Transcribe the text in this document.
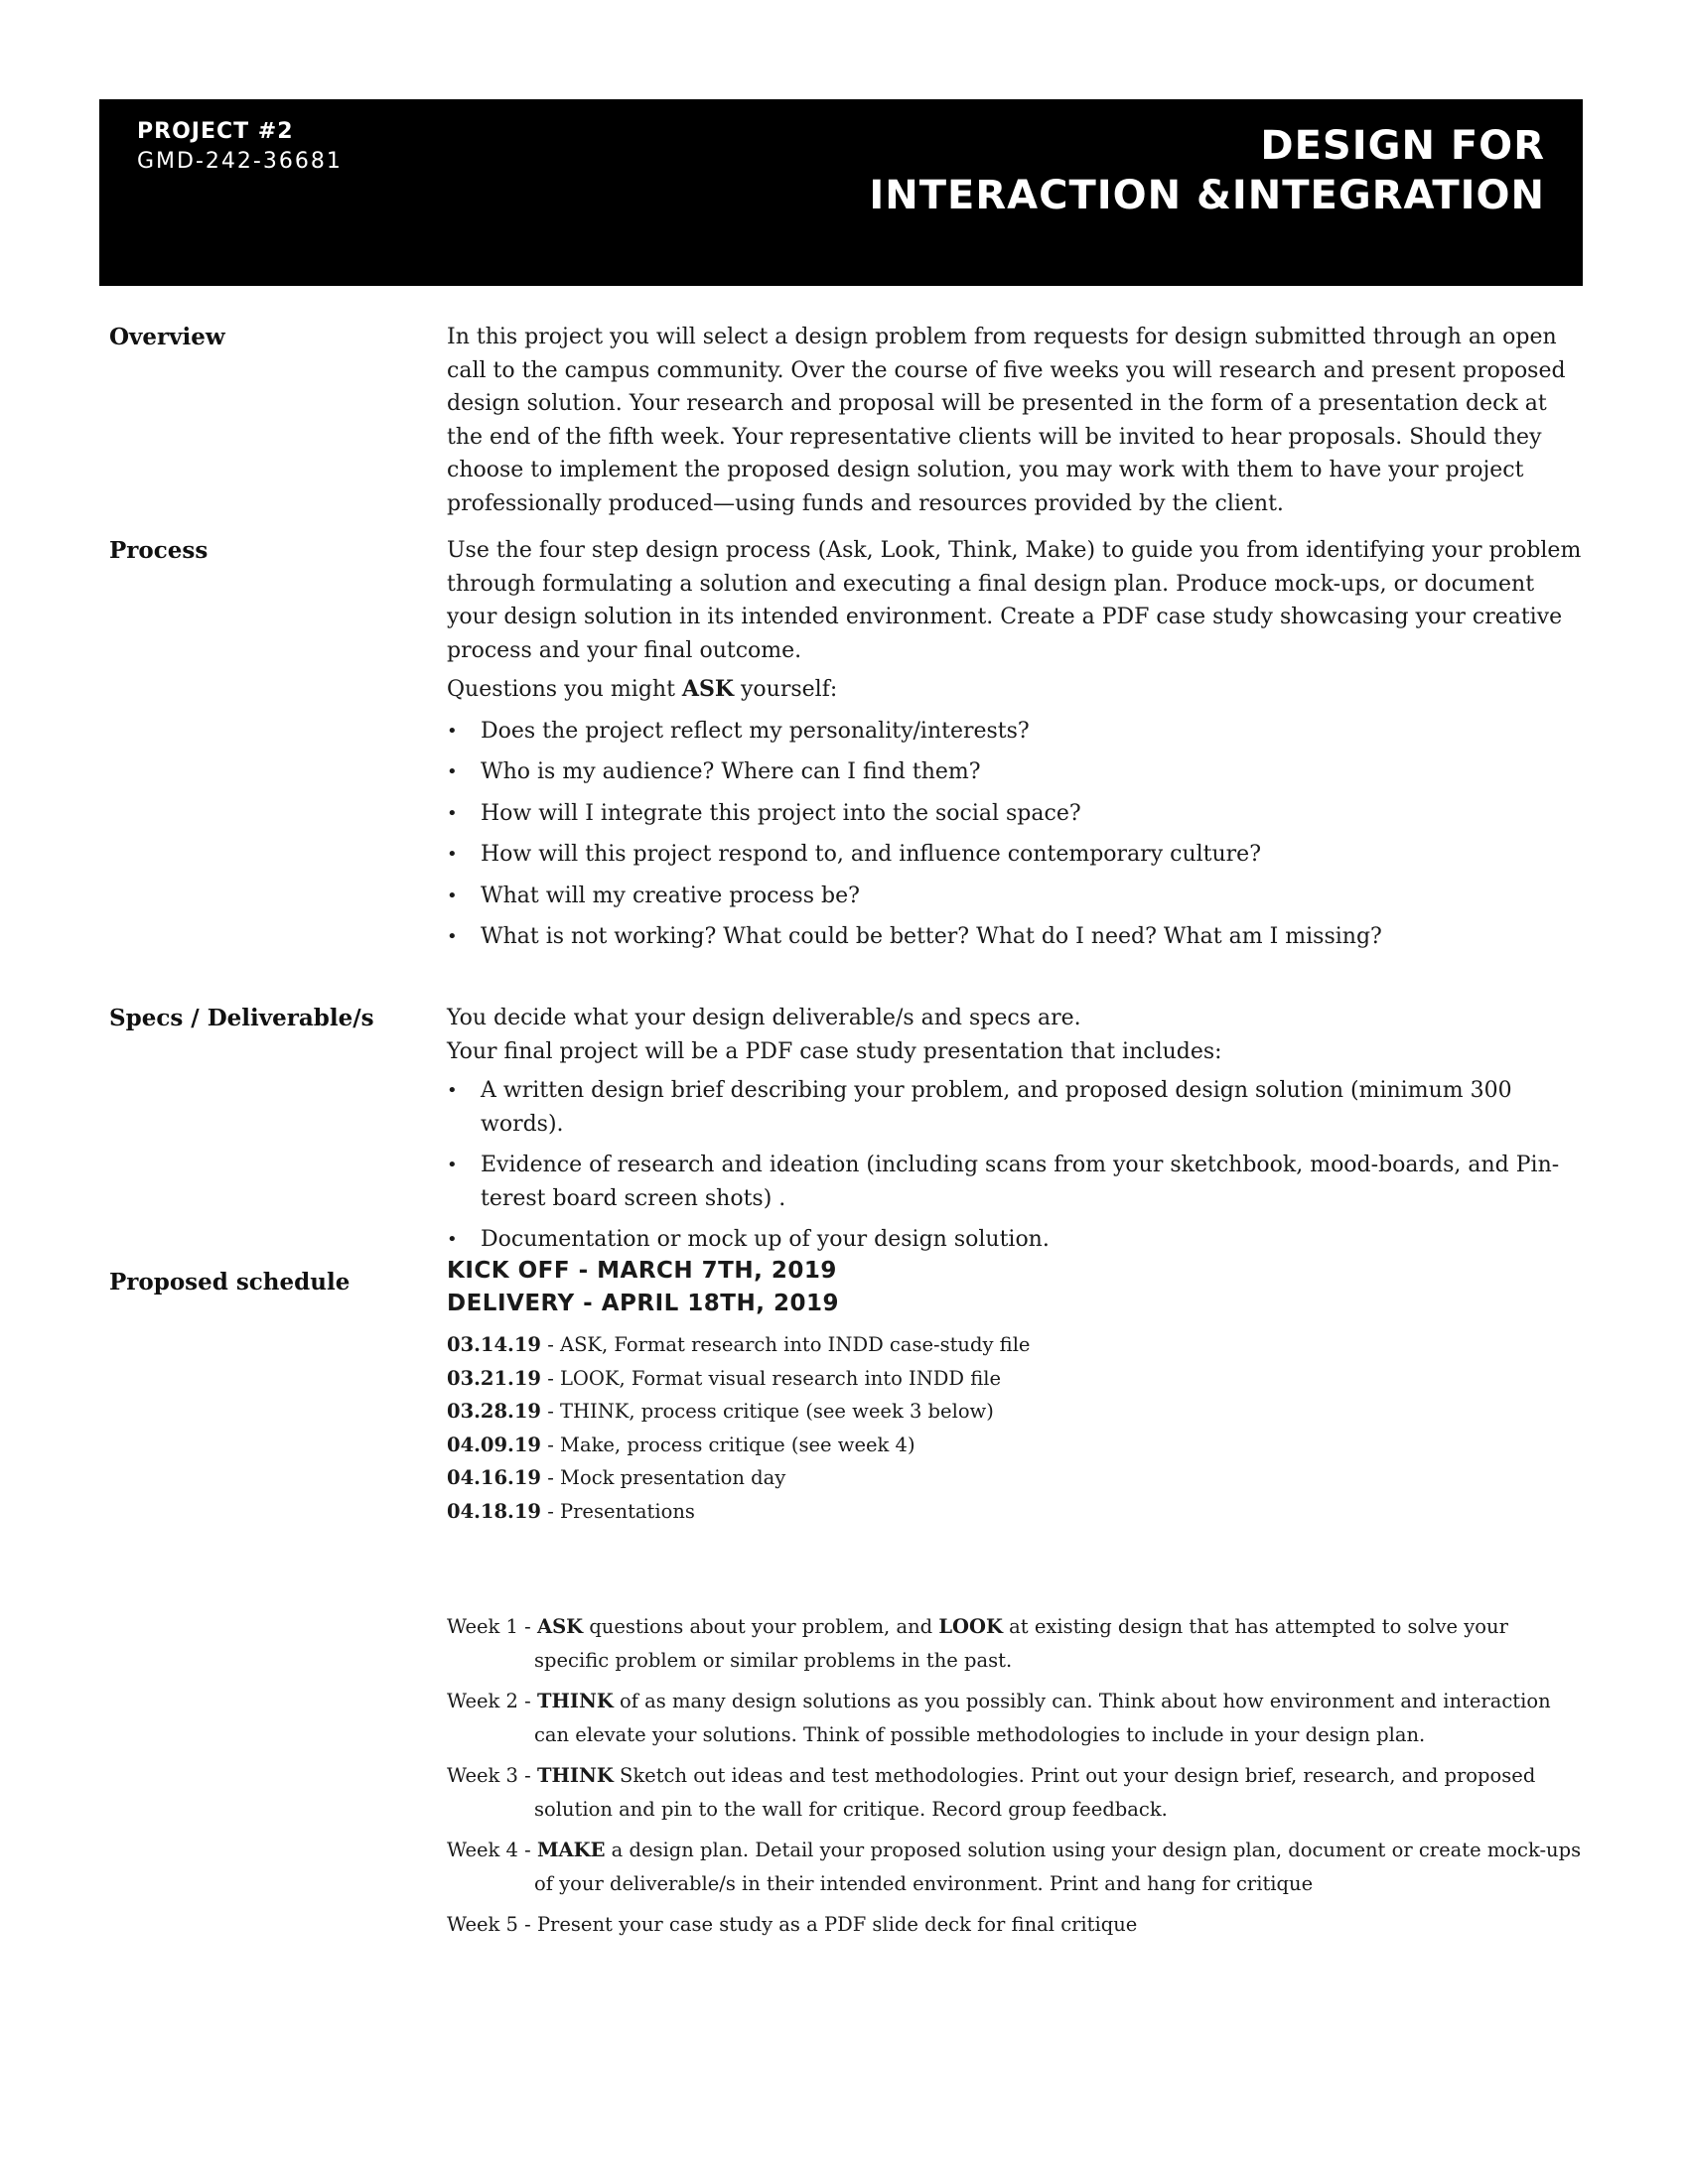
PROJECT #2
GMD-242-36681	DESIGN FOR
INTERACTION &INTEGRATION
Overview	In this project you will select a design problem from requests for design submitted through an open call to the campus community. Over the course of five weeks you will research and present proposed design solution. Your research and proposal will be presented in the form of a presentation deck at the end of the fifth week. Your representative clients will be invited to hear proposals. Should they choose to implement the proposed design solution, you may work with them to have your project professionally produced—using funds and resources provided by the client.

Process	Use the four step design process (Ask, Look, Think, Make) to guide you from identifying your problem through formulating a solution and executing a final design plan. Produce mock-ups, or document your design solution in its intended environment. Create a PDF case study showcasing your creative process and your final outcome.

Questions you might ASK yourself:

• Does the project reflect my personality/interests?
• Who is my audience? Where can I find them?
• How will I integrate this project into the social space?
• How will this project respond to, and influence contemporary culture?
• What will my creative process be?
• What is not working? What could be better? What do I need? What am I missing?
Specs / Deliverable/s	You decide what your design deliverable/s and specs are.

Your final project will be a PDF case study presentation that includes:

• A written design brief describing your problem, and proposed design solution (minimum 300 words).
• Evidence of research and ideation (including scans from your sketchbook, mood-boards, and Pin-terest board screen shots) .
• Documentation or mock up of your design solution.
Proposed schedule	KICK OFF - MARCH 7TH, 2019
DELIVERY - APRIL 18TH, 2019
03.14.19 - ASK, Format research into INDD case-study file
03.21.19 - LOOK, Format visual research into INDD file
03.28.19 - THINK, process critique (see week 3 below)
04.09.19 - Make, process critique (see week 4)
04.16.19 - Mock presentation day
04.18.19 - Presentations
Week 1 - ASK questions about your problem, and LOOK at existing design that has attempted to solve your specific problem or similar problems in the past.
Week 2 - THINK of as many design solutions as you possibly can. Think about how environment and interaction can elevate your solutions. Think of possible methodologies to include in your design plan.
Week 3 - THINK Sketch out ideas and test methodologies. Print out your design brief, research, and proposed solution and pin to the wall for critique. Record group feedback.
Week 4 - MAKE a design plan. Detail your proposed solution using your design plan, document or create mock-ups of your deliverable/s in their intended environment. Print and hang for critique
Week 5 - Present your case study as a PDF slide deck for final critique
